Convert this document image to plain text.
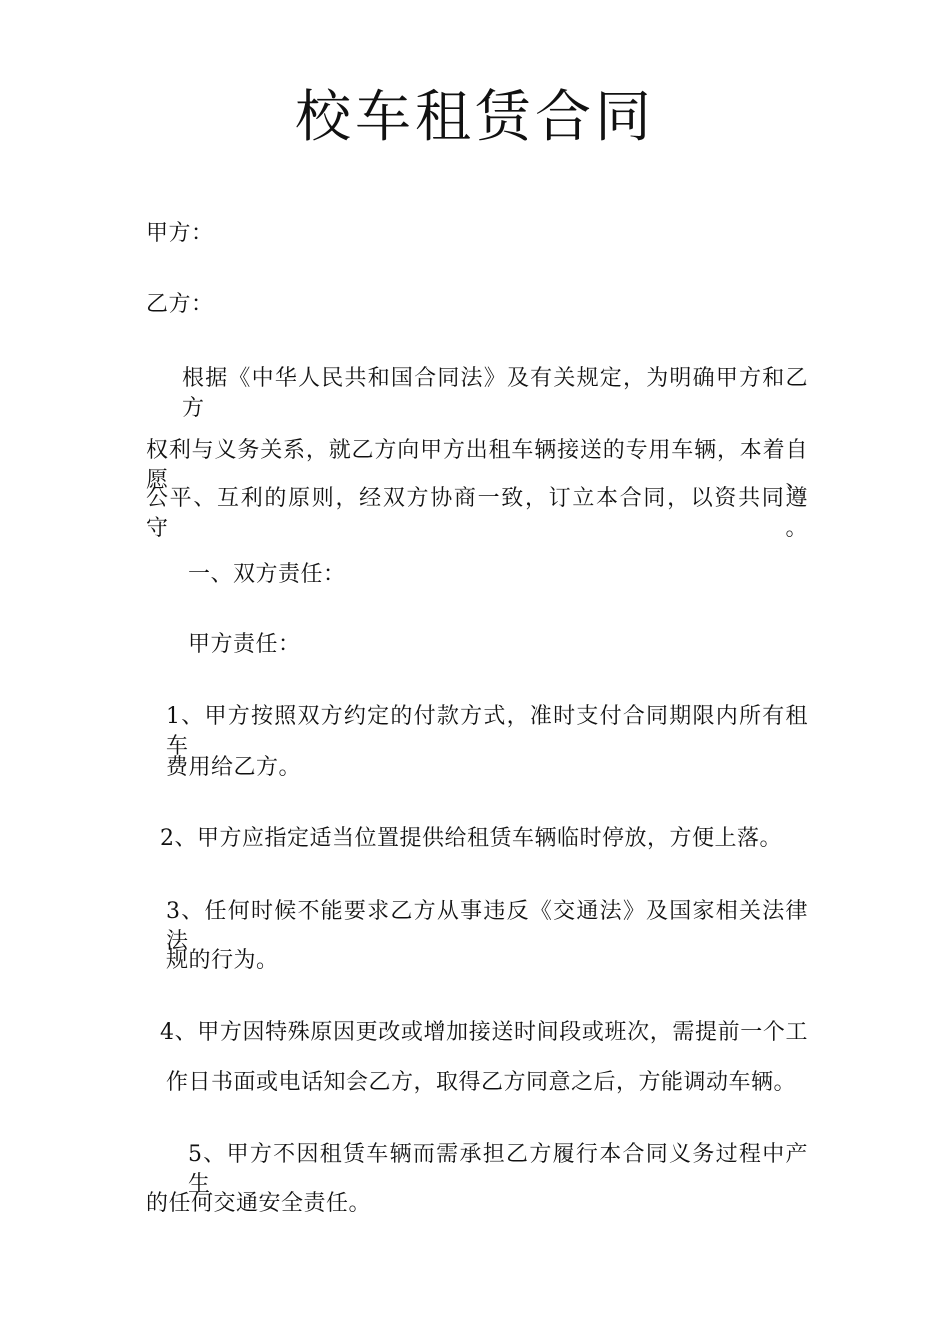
校车租赁合同
甲方：
乙方：
根据《中华人民共和国合同法》及有关规定，为明确甲方和乙方
权利与义务关系，就乙方向甲方出租车辆接送的专用车辆，本着自愿、
公平、互利的原则，经双方协商一致，订立本合同，以资共同遵守。
一、双方责任：
甲方责任：
1、甲方按照双方约定的付款方式，准时支付合同期限内所有租车
费用给乙方。
2、甲方应指定适当位置提供给租赁车辆临时停放，方便上落。
3、任何时候不能要求乙方从事违反《交通法》及国家相关法律法
规的行为。
4、甲方因特殊原因更改或增加接送时间段或班次，需提前一个工
作日书面或电话知会乙方，取得乙方同意之后，方能调动车辆。
5、甲方不因租赁车辆而需承担乙方履行本合同义务过程中产生
的任何交通安全责任。
